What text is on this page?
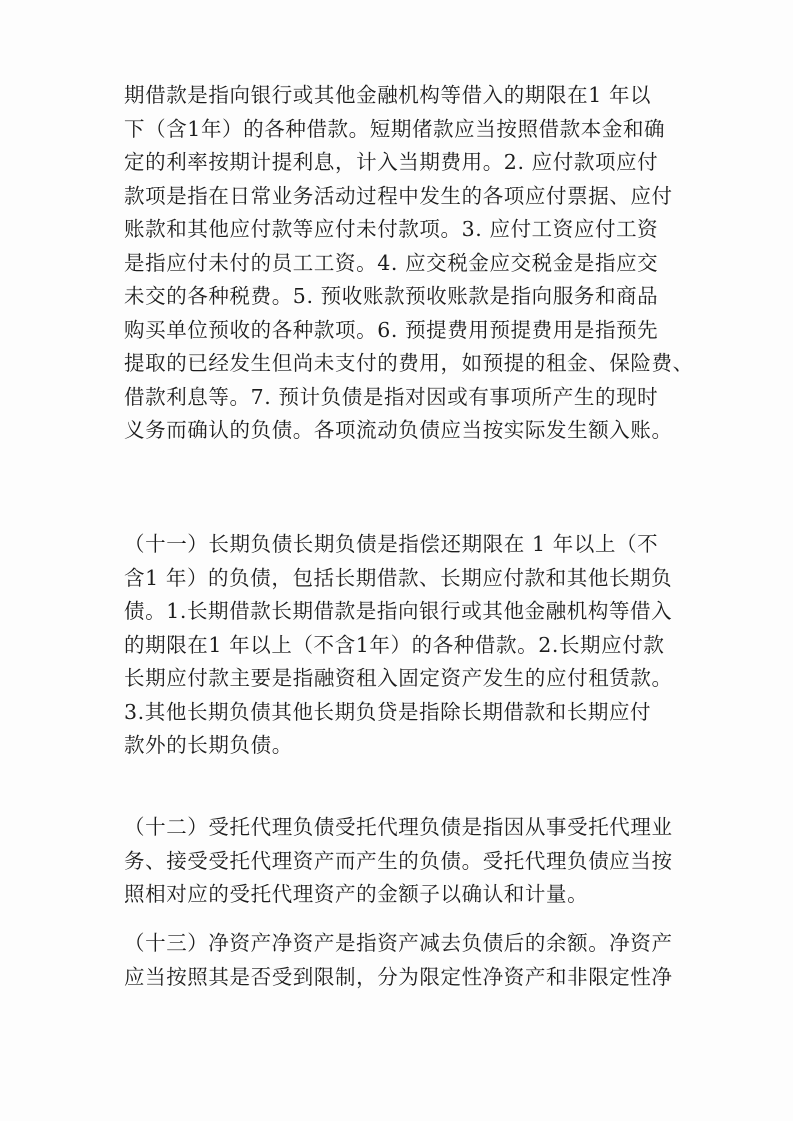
期借款是指向银行或其他金融机构等借入的期限在1 年以
下（含1年）的各种借款。短期偖款应当按照借款本金和确
定的利率按期计提利息，计入当期费用。2. 应付款项应付
款项是指在日常业务活动过程中发生的各项应付票据、应付
账款和其他应付款等应付未付款项。3. 应付工资应付工资
是指应付未付的员工工资。4. 应交税金应交税金是指应交
未交的各种税费。5. 预收账款预收账款是指向服务和商品
购买单位预收的各种款项。6. 预提费用预提费用是指预先
提取的已经发生但尚未支付的费用，如预提的租金、保险费、
借款利息等。7. 预计负债是指对因或有事项所产生的现时
义务而确认的负债。各项流动负债应当按实际发生额入账。

（十一）长期负债长期负债是指偿还期限在 1 年以上（不
含1 年）的负债，包括长期借款、长期应付款和其他长期负
债。1.长期借款长期借款是指向银行或其他金融机构等借入
的期限在1 年以上（不含1年）的各种借款。2.长期应付款
长期应付款主要是指融资租入固定资产发生的应付租赁款。
3.其他长期负债其他长期负贷是指除长期借款和长期应付
款外的长期负债。

（十二）受托代理负债受托代理负债是指因从事受托代理业
务、接受受托代理资产而产生的负债。受托代理负债应当按
照相对应的受托代理资产的金额子以确认和计量。

（十三）净资产净资产是指资产减去负债后的余额。净资产
应当按照其是否受到限制，分为限定性净资产和非限定性净
